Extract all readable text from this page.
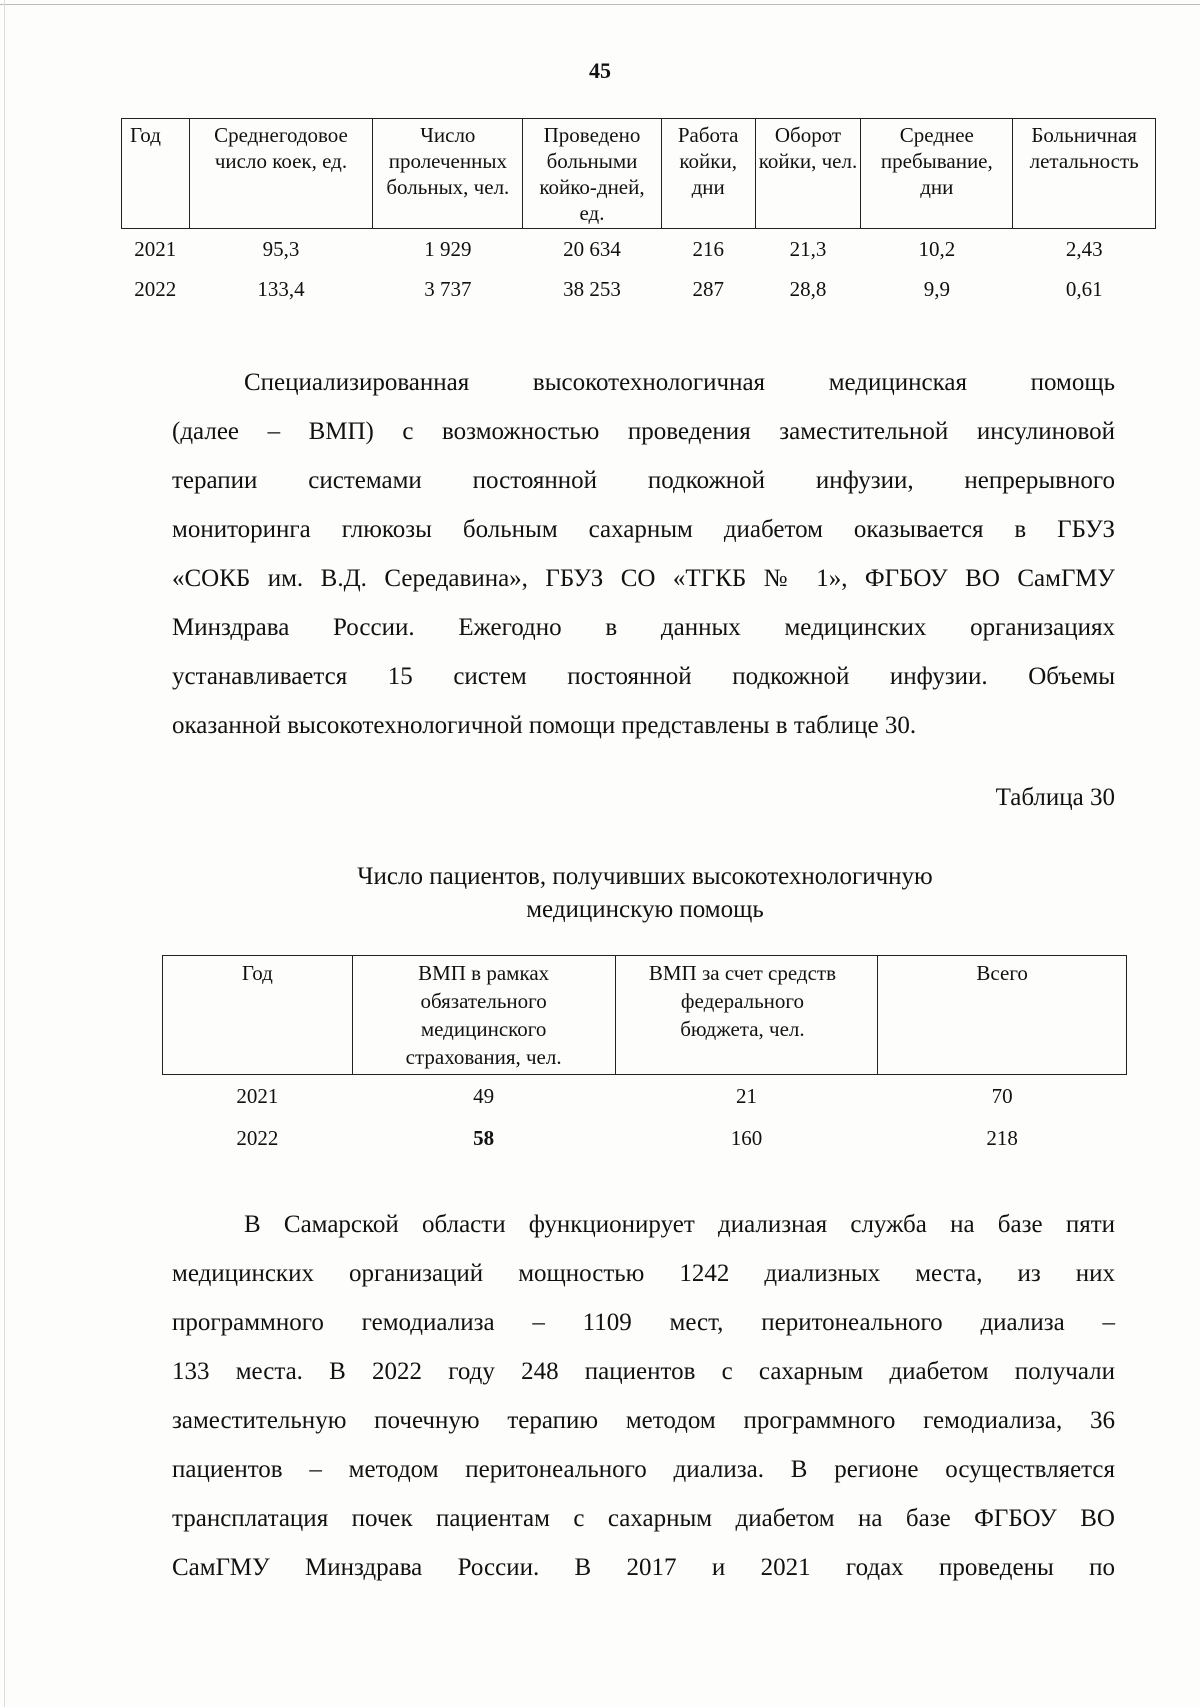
45
Год	Среднегодовое число коек, ед.	Число пролеченных больных, чел.	Проведено больными койко-дней, ед.	Работа койки, дни	Оборот койки, чел.	Среднее пребывание, дни	Больничная летальность
2021	95,3	1 929	20 634	216	21,3	10,2	2,43
2022	133,4	3 737	38 253	287	28,8	9,9	0,61
Специализированная высокотехнологичная медицинская помощь
(далее – ВМП) с возможностью проведения заместительной инсулиновой
терапии системами постоянной подкожной инфузии, непрерывного
мониторинга глюкозы больным сахарным диабетом оказывается в ГБУЗ
«СОКБ им. В.Д. Середавина», ГБУЗ СО «ТГКБ № 1», ФГБОУ ВО СамГМУ
Минздрава России. Ежегодно в данных медицинских организациях
устанавливается 15 систем постоянной подкожной инфузии. Объемы
оказанной высокотехнологичной помощи представлены в таблице 30.
Таблица 30
Число пациентов, получивших высокотехнологичную
медицинскую помощь
Год	ВМП в рамках обязательного медицинского страхования, чел.	ВМП за счет средств федерального бюджета, чел.	Всего
2021	49	21	70
2022	58	160	218
В Самарской области функционирует диализная служба на базе пяти
медицинских организаций мощностью 1242 диализных места, из них
программного гемодиализа – 1109 мест, перитонеального диализа –
133 места. В 2022 году 248 пациентов с сахарным диабетом получали
заместительную почечную терапию методом программного гемодиализа, 36
пациентов – методом перитонеального диализа. В регионе осуществляется
трансплатация почек пациентам с сахарным диабетом на базе ФГБОУ ВО
СамГМУ Минздрава России. В 2017 и 2021 годах проведены по
